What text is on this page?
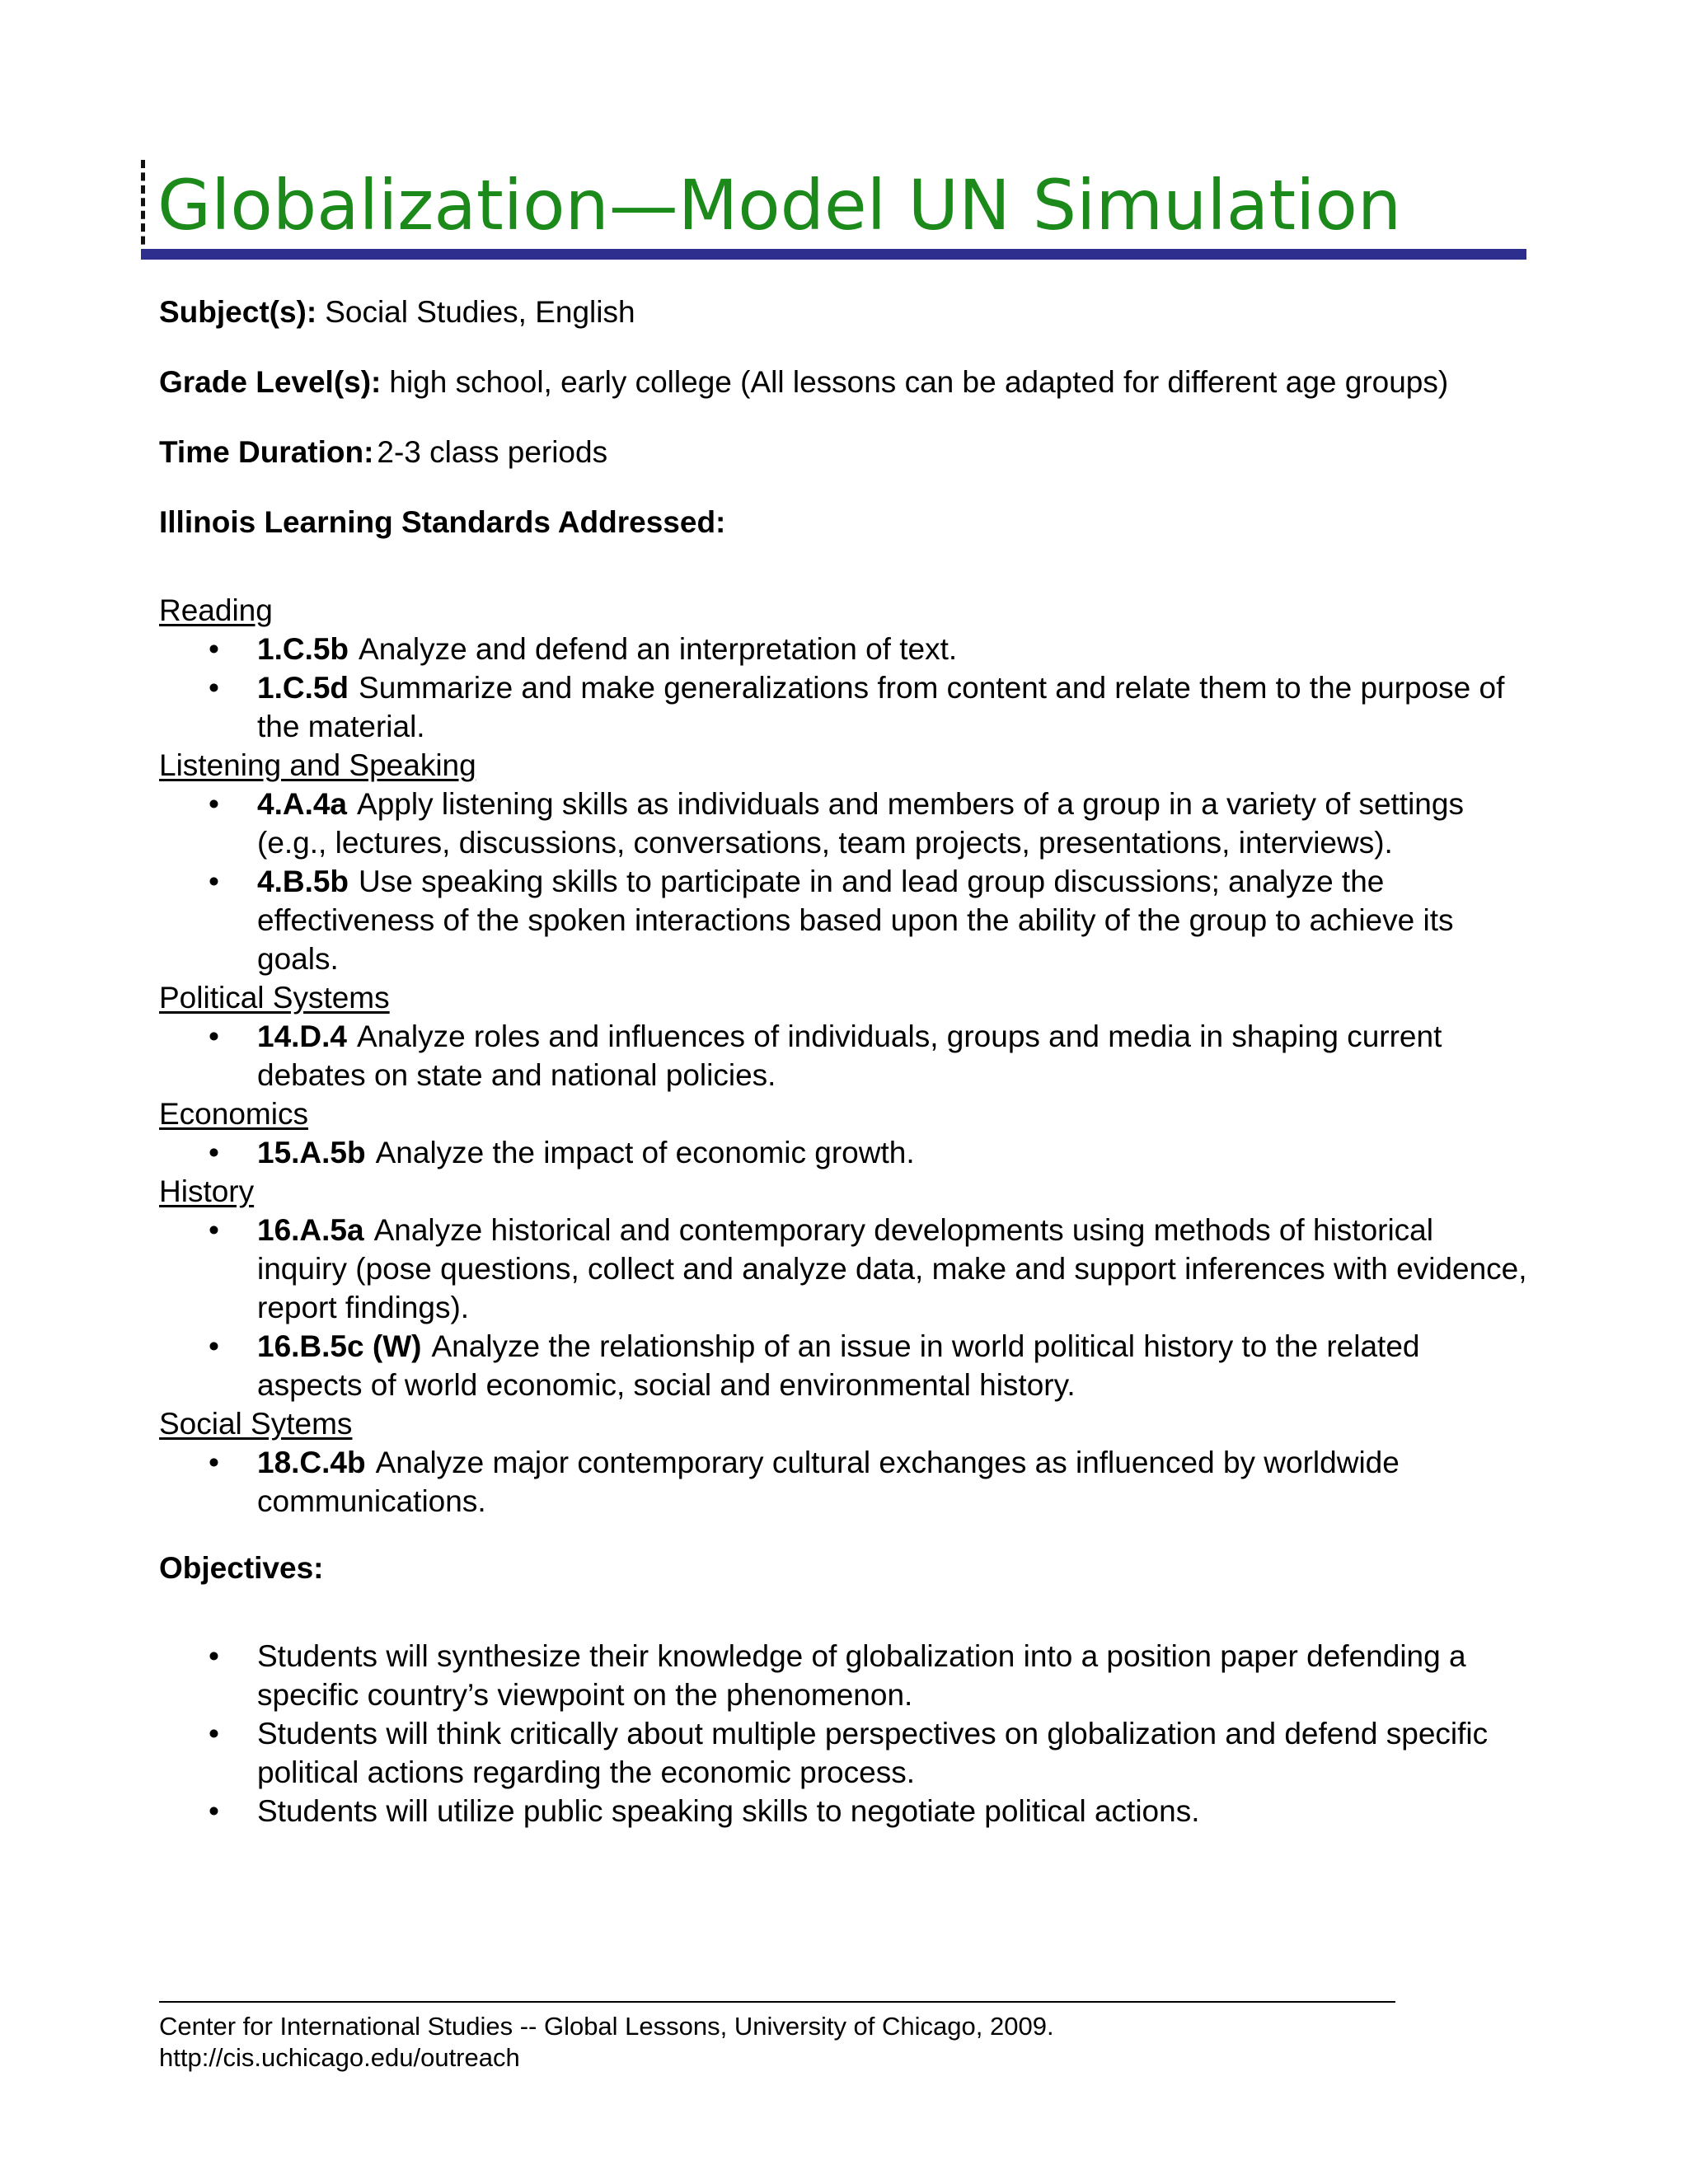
Globalization—Model UN Simulation

Subject(s): Social Studies, English

Grade Level(s): high school, early college (All lessons can be adapted for different age groups)

Time Duration: 2-3 class periods

Illinois Learning Standards Addressed:

Reading
• 1.C.5b Analyze and defend an interpretation of text.
• 1.C.5d Summarize and make generalizations from content and relate them to the purpose of the material.
Listening and Speaking
• 4.A.4a Apply listening skills as individuals and members of a group in a variety of settings (e.g., lectures, discussions, conversations, team projects, presentations, interviews).
• 4.B.5b Use speaking skills to participate in and lead group discussions; analyze the effectiveness of the spoken interactions based upon the ability of the group to achieve its goals.
Political Systems
• 14.D.4 Analyze roles and influences of individuals, groups and media in shaping current debates on state and national policies.
Economics
• 15.A.5b Analyze the impact of economic growth.
History
• 16.A.5a Analyze historical and contemporary developments using methods of historical inquiry (pose questions, collect and analyze data, make and support inferences with evidence, report findings).
• 16.B.5c (W) Analyze the relationship of an issue in world political history to the related aspects of world economic, social and environmental history.
Social Sytems
• 18.C.4b Analyze major contemporary cultural exchanges as influenced by worldwide communications.

Objectives:

• Students will synthesize their knowledge of globalization into a position paper defending a specific country’s viewpoint on the phenomenon.
• Students will think critically about multiple perspectives on globalization and defend specific political actions regarding the economic process.
• Students will utilize public speaking skills to negotiate political actions.
Center for International Studies -- Global Lessons, University of Chicago, 2009.
http://cis.uchicago.edu/outreach
